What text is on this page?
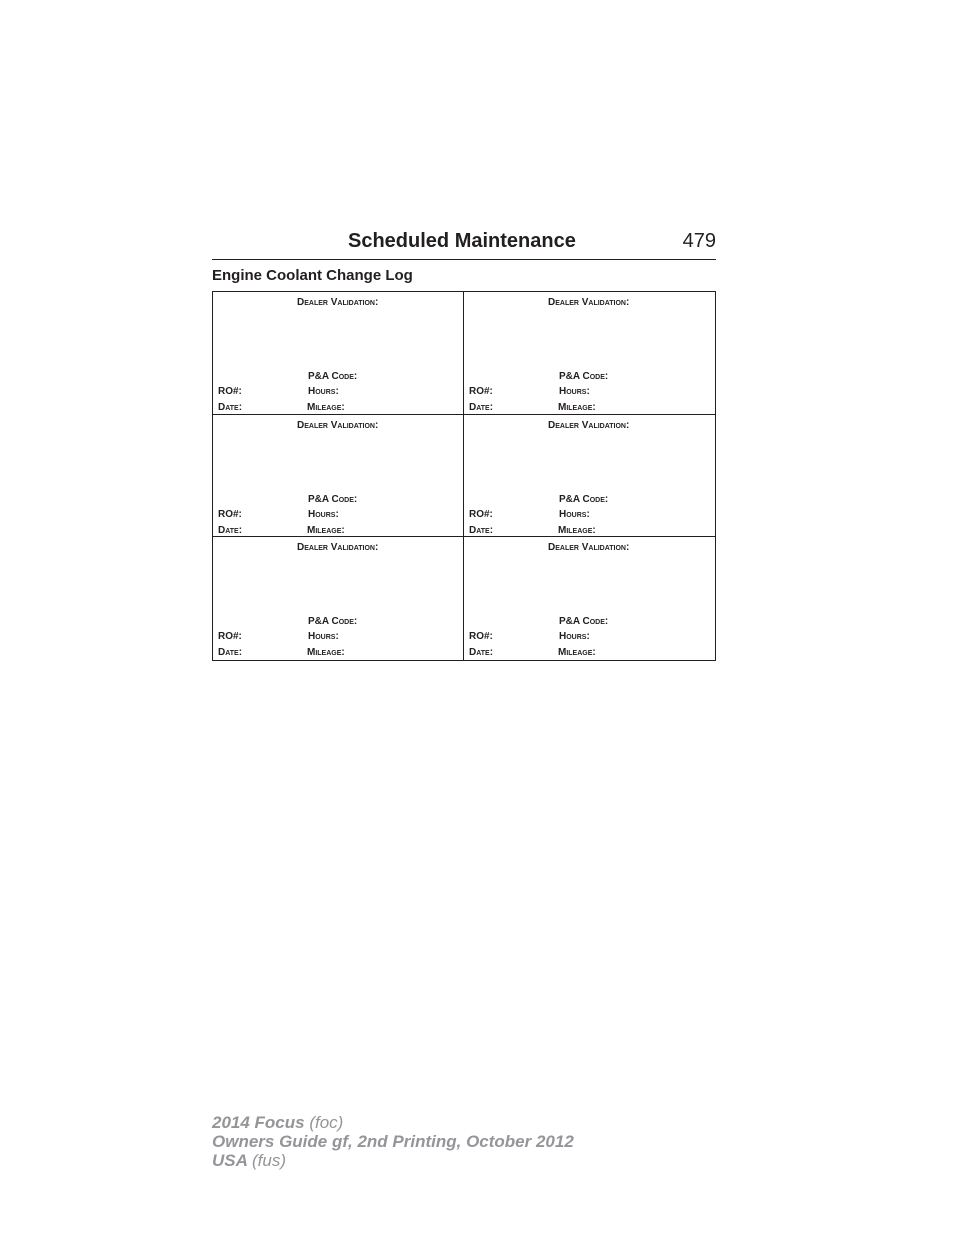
Scheduled Maintenance	479
Engine Coolant Change Log
Dealer Validation:
P&A Code:
RO#:	Hours:
Date:	Mileage:
Dealer Validation:
P&A Code:
RO#:	Hours:
Date:	Mileage:
Dealer Validation:
P&A Code:
RO#:	Hours:
Date:	Mileage:
Dealer Validation:
P&A Code:
RO#:	Hours:
Date:	Mileage:
Dealer Validation:
P&A Code:
RO#:	Hours:
Date:	Mileage:
Dealer Validation:
P&A Code:
RO#:	Hours:
Date:	Mileage:
2014 Focus (foc)
Owners Guide gf, 2nd Printing, October 2012
USA (fus)
